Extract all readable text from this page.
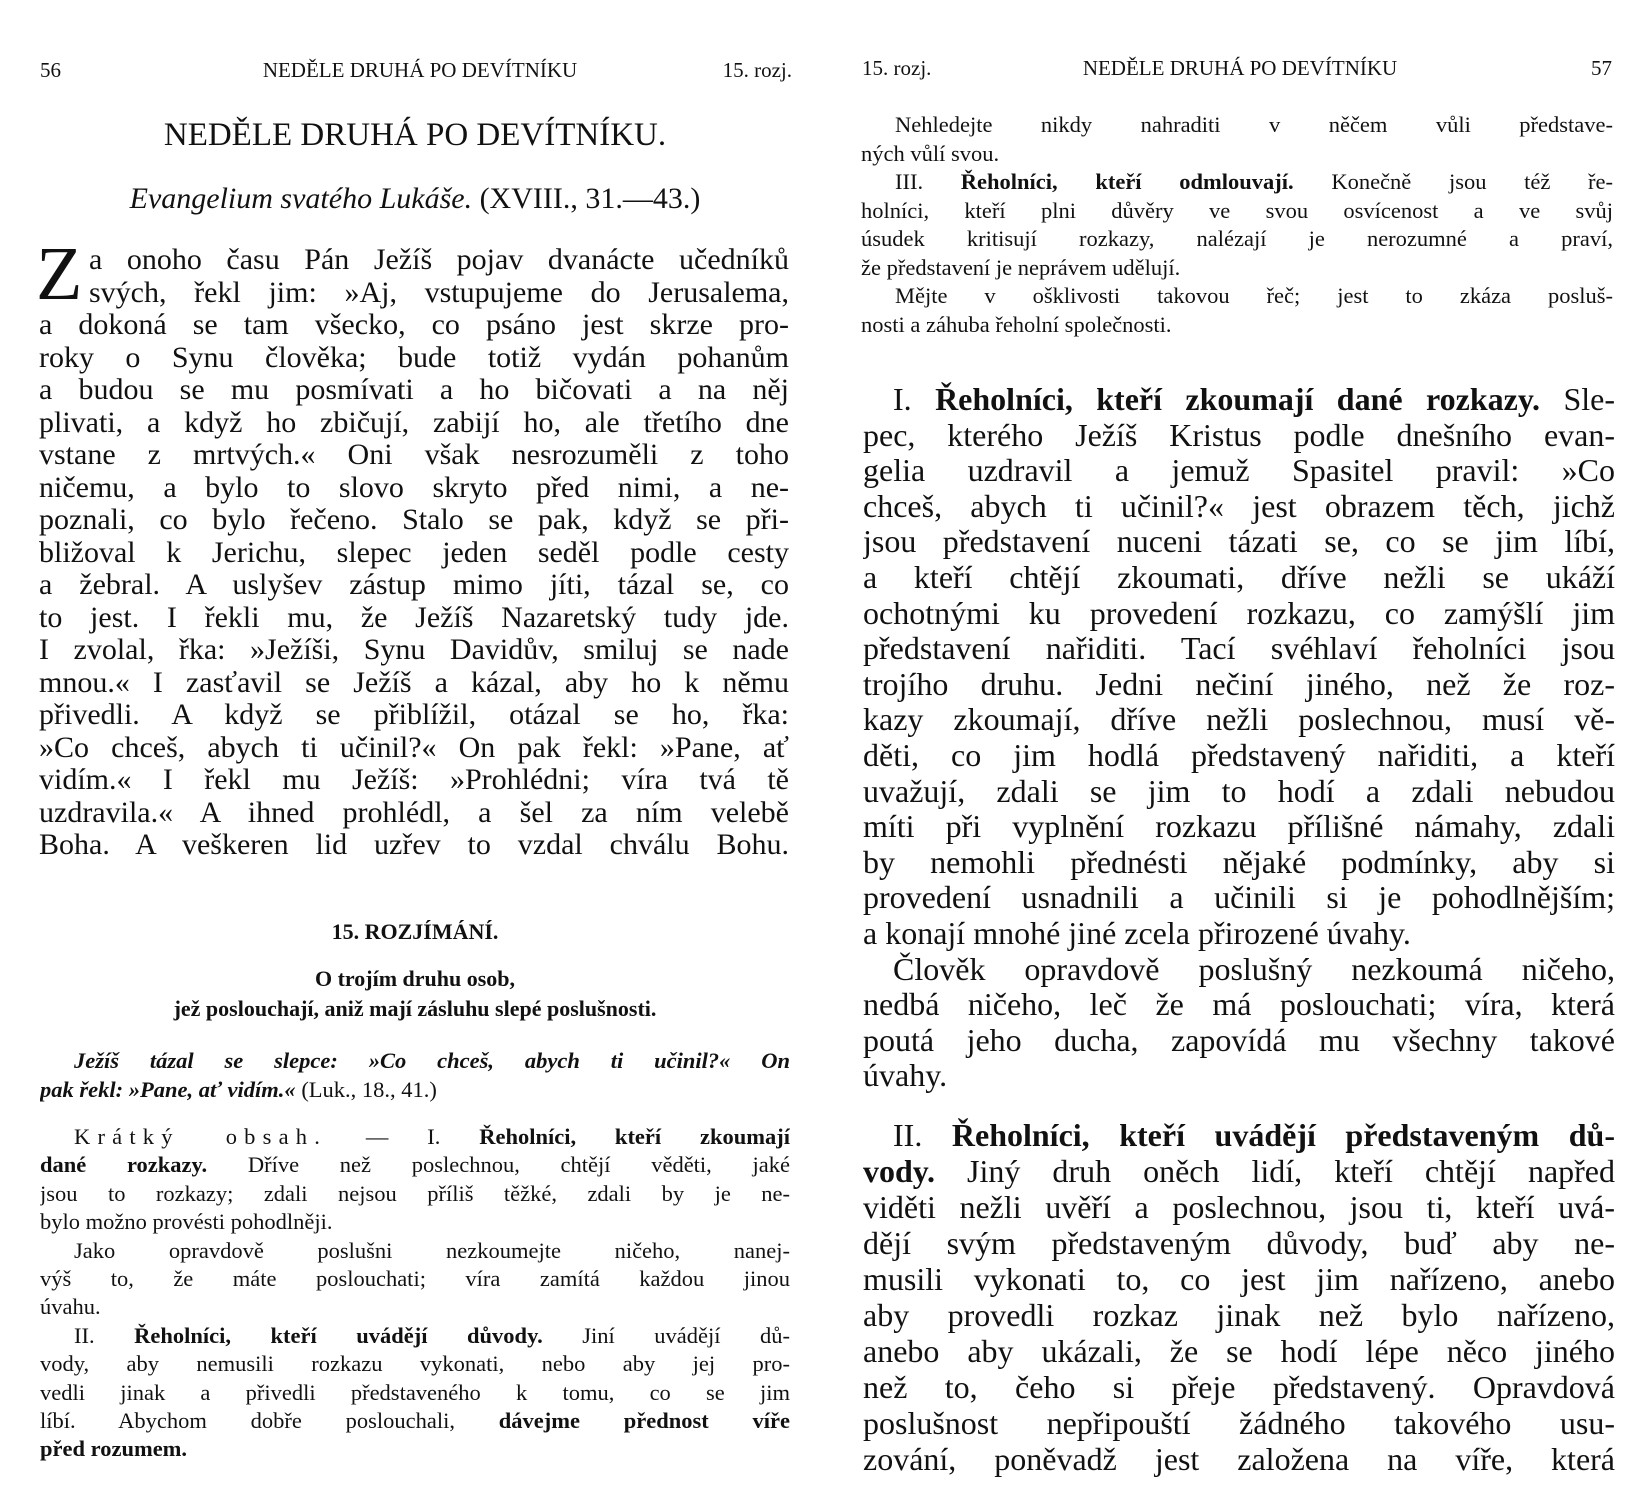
56	NEDĚLE DRUHÁ PO DEVÍTNÍKU	15. rozj.
NEDĚLE DRUHÁ PO DEVÍTNÍKU.
Evangelium svatého Lukáše. (XVIII., 31.—43.)
Z a onoho času Pán Ježíš pojav dvanácte učedníků
svých, řekl jim: »Aj, vstupujeme do Jerusalema,
a dokoná se tam všecko, co psáno jest skrze pro-
roky o Synu člověka; bude totiž vydán pohanům
a budou se mu posmívati a ho bičovati a na něj
plivati, a když ho zbičují, zabijí ho, ale třetího dne
vstane z mrtvých.« Oni však nesrozuměli z toho
ničemu, a bylo to slovo skryto před nimi, a ne-
poznali, co bylo řečeno. Stalo se pak, když se při-
bližoval k Jerichu, slepec jeden seděl podle cesty
a žebral. A uslyšev zástup mimo jíti, tázal se, co
to jest. I řekli mu, že Ježíš Nazaretský tudy jde.
I zvolal, řka: »Ježíši, Synu Davidův, smiluj se nade
mnou.« I zasťavil se Ježíš a kázal, aby ho k němu
přivedli. A když se přiblížil, otázal se ho, řka:
»Co chceš, abych ti učinil?« On pak řekl: »Pane, ať
vidím.« I řekl mu Ježíš: »Prohlédni; víra tvá tě
uzdravila.« A ihned prohlédl, a šel za ním velebě
Boha. A veškeren lid uzřev to vzdal chválu Bohu.
15. ROZJÍMÁNÍ.
O trojím druhu osob,
jež poslouchají, aniž mají zásluhu slepé poslušnosti.
Ježíš tázal se slepce: »Co chceš, abych ti učinil?« On
pak řekl: »Pane, ať vidím.« (Luk., 18., 41.)
Krátký obsah. — I. Řeholníci, kteří zkoumají
dané rozkazy. Dříve než poslechnou, chtějí věděti, jaké
jsou to rozkazy; zdali nejsou příliš těžké, zdali by je ne-
bylo možno provésti pohodlněji.
Jako opravdově poslušni nezkoumejte ničeho, nanej-
výš to, že máte poslouchati; víra zamítá každou jinou
úvahu.
II. Řeholníci, kteří uvádějí důvody. Jiní uvádějí dů-
vody, aby nemusili rozkazu vykonati, nebo aby jej pro-
vedli jinak a přivedli představeného k tomu, co se jim
líbí. Abychom dobře poslouchali, dávejme přednost víře
před rozumem.
15. rozj.	NEDĚLE DRUHÁ PO DEVÍTNÍKU	57
Nehledejte nikdy nahraditi v něčem vůli představe-
ných vůlí svou.
III. Řeholníci, kteří odmlouvají. Konečně jsou též ře-
holníci, kteří plni důvěry ve svou osvícenost a ve svůj
úsudek kritisují rozkazy, nalézají je nerozumné a praví,
že představení je neprávem udělují.
Mějte v ošklivosti takovou řeč; jest to zkáza posluš-
nosti a záhuba řeholní společnosti.
I. Řeholníci, kteří zkoumají dané rozkazy. Sle-
pec, kterého Ježíš Kristus podle dnešního evan-
gelia uzdravil a jemuž Spasitel pravil: »Co
chceš, abych ti učinil?« jest obrazem těch, jichž
jsou představení nuceni tázati se, co se jim líbí,
a kteří chtějí zkoumati, dříve nežli se ukáží
ochotnými ku provedení rozkazu, co zamýšlí jim
představení nařiditi. Tací svéhlaví řeholníci jsou
trojího druhu. Jedni nečiní jiného, než že roz-
kazy zkoumají, dříve nežli poslechnou, musí vě-
děti, co jim hodlá představený nařiditi, a kteří
uvažují, zdali se jim to hodí a zdali nebudou
míti při vyplnění rozkazu přílišné námahy, zdali
by nemohli přednésti nějaké podmínky, aby si
provedení usnadnili a učinili si je pohodlnějším;
a konají mnohé jiné zcela přirozené úvahy.
Člověk opravdově poslušný nezkoumá ničeho,
nedbá ničeho, leč že má poslouchati; víra, která
poutá jeho ducha, zapovídá mu všechny takové
úvahy.
II. Řeholníci, kteří uvádějí představeným dů-
vody. Jiný druh oněch lidí, kteří chtějí napřed
viděti nežli uvěří a poslechnou, jsou ti, kteří uvá-
dějí svým představeným důvody, buď aby ne-
musili vykonati to, co jest jim nařízeno, anebo
aby provedli rozkaz jinak než bylo nařízeno,
anebo aby ukázali, že se hodí lépe něco jiného
než to, čeho si přeje představený. Opravdová
poslušnost nepřipouští žádného takového usu-
zování, poněvadž jest založena na víře, která
